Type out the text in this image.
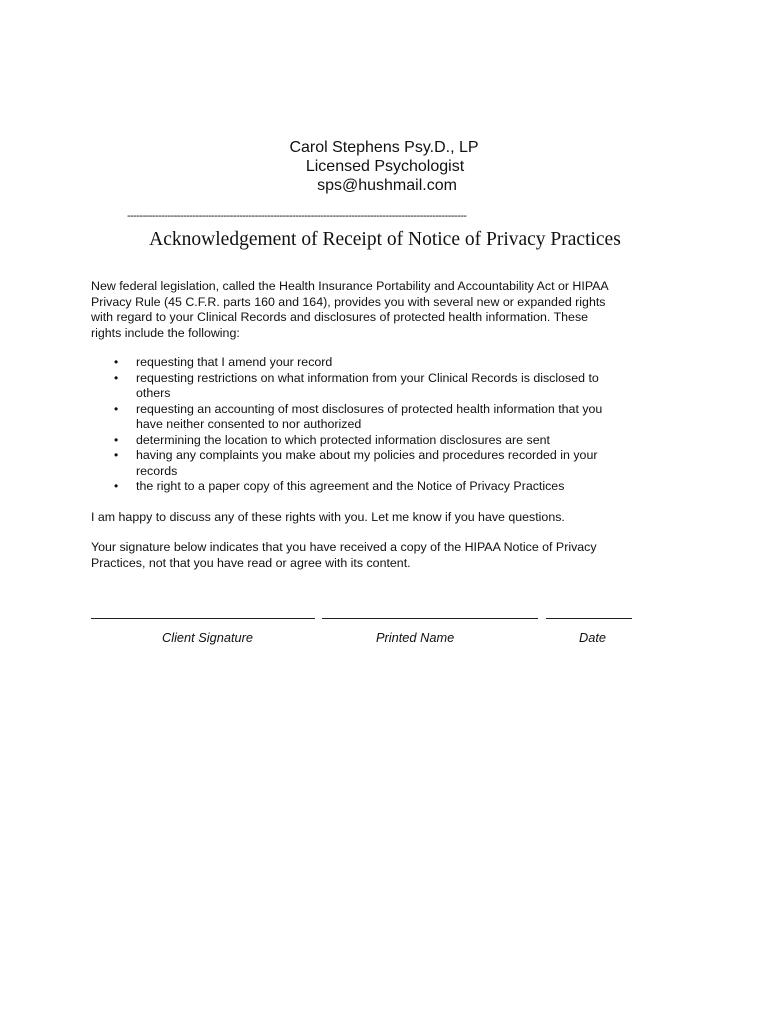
Carol Stephens Psy.D., LP
Licensed Psychologist
sps@hushmail.com
-------------------------------------------------------------------------------------------------------------
Acknowledgement of Receipt of Notice of Privacy Practices
New federal legislation, called the Health Insurance Portability and Accountability Act or HIPAA
Privacy Rule (45 C.F.R. parts 160 and 164), provides you with several new or expanded rights
with regard to your Clinical Records and disclosures of protected health information. These
rights include the following:
• requesting that I amend your record
• requesting restrictions on what information from your Clinical Records is disclosed to
others
• requesting an accounting of most disclosures of protected health information that you
have neither consented to nor authorized
• determining the location to which protected information disclosures are sent
• having any complaints you make about my policies and procedures recorded in your
records
• the right to a paper copy of this agreement and the Notice of Privacy Practices
I am happy to discuss any of these rights with you. Let me know if you have questions.
Your signature below indicates that you have received a copy of the HIPAA Notice of Privacy
Practices, not that you have read or agree with its content.
Client Signature	Printed Name	Date
